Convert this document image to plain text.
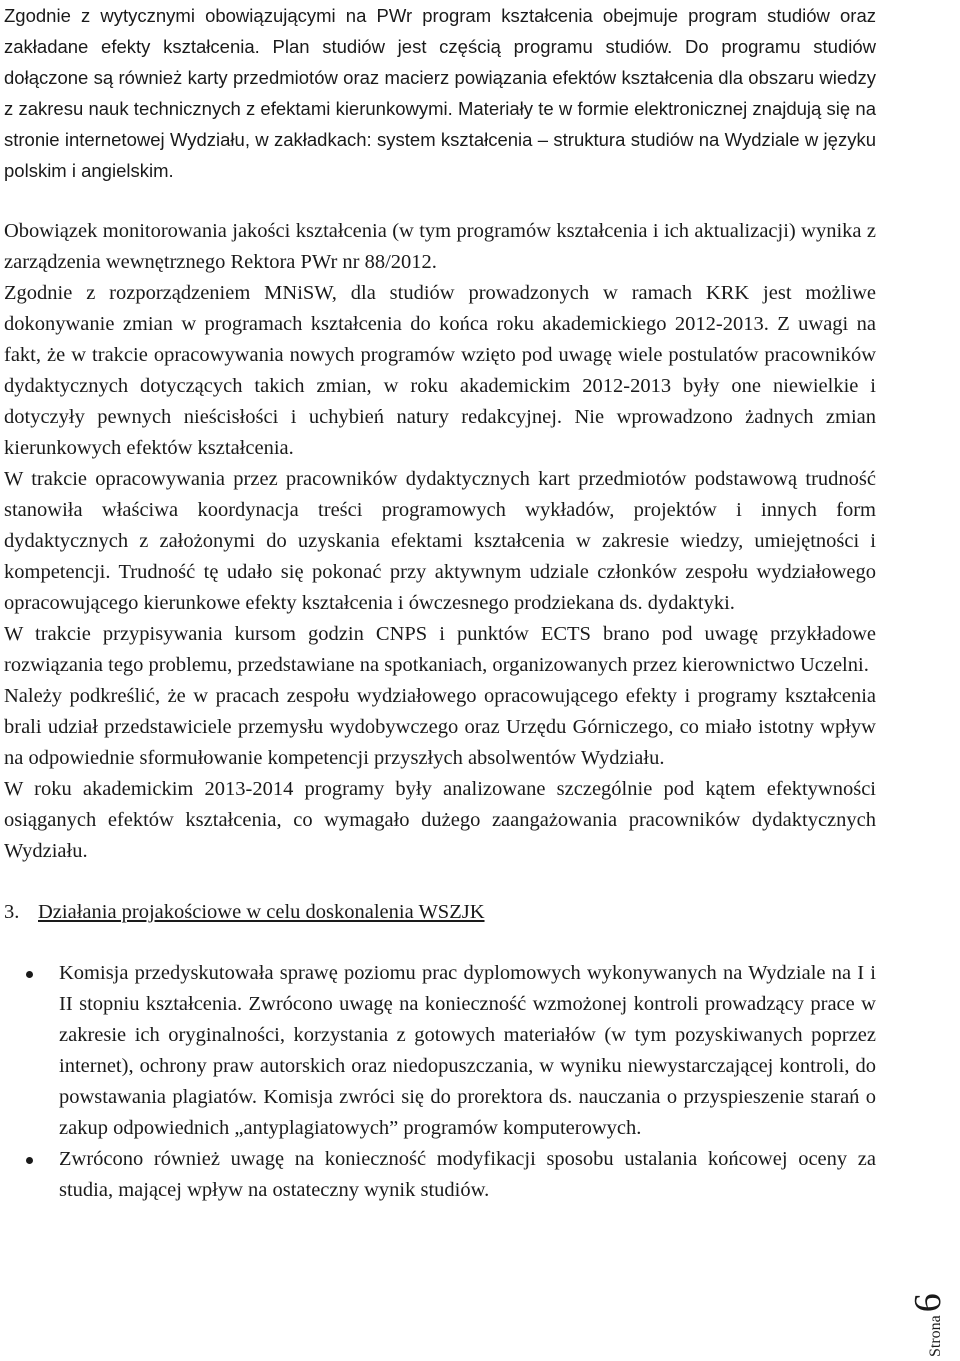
Zgodnie z wytycznymi obowiązującymi na PWr program kształcenia obejmuje program studiów oraz zakładane efekty kształcenia. Plan studiów jest częścią programu studiów. Do programu studiów dołączone są również karty przedmiotów oraz macierz powiązania efektów kształcenia dla obszaru wiedzy z zakresu nauk technicznych z efektami kierunkowymi. Materiały te w formie elektronicznej znajdują się na stronie internetowej Wydziału, w zakładkach: system kształcenia – struktura studiów na Wydziale w języku polskim i angielskim.

Obowiązek monitorowania jakości kształcenia (w tym programów kształcenia i ich aktualizacji) wynika z zarządzenia wewnętrznego Rektora PWr nr 88/2012.

Zgodnie z rozporządzeniem MNiSW, dla studiów prowadzonych w ramach KRK jest możliwe dokonywanie zmian w programach kształcenia do końca roku akademickiego 2012-2013. Z uwagi na fakt, że w trakcie opracowywania nowych programów wzięto pod uwagę wiele postulatów pracowników dydaktycznych dotyczących takich zmian, w roku akademickim 2012-2013 były one niewielkie i dotyczyły pewnych nieścisłości i uchybień natury redakcyjnej. Nie wprowadzono żadnych zmian kierunkowych efektów kształcenia.

W trakcie opracowywania przez pracowników dydaktycznych kart przedmiotów podstawową trudność stanowiła właściwa koordynacja treści programowych wykładów, projektów i innych form dydaktycznych z założonymi do uzyskania efektami kształcenia w zakresie wiedzy, umiejętności i kompetencji. Trudność tę udało się pokonać przy aktywnym udziale członków zespołu wydziałowego opracowującego kierunkowe efekty kształcenia i ówczesnego prodziekana ds. dydaktyki.

W trakcie przypisywania kursom godzin CNPS i punktów ECTS brano pod uwagę przykładowe rozwiązania tego problemu, przedstawiane na spotkaniach, organizowanych przez kierownictwo Uczelni.

Należy podkreślić, że w pracach zespołu wydziałowego opracowującego efekty i programy kształcenia brali udział przedstawiciele przemysłu wydobywczego oraz Urzędu Górniczego, co miało istotny wpływ na odpowiednie sformułowanie kompetencji przyszłych absolwentów Wydziału.

W roku akademickim 2013-2014 programy były analizowane szczególnie pod kątem efektywności osiąganych efektów kształcenia, co wymagało dużego zaangażowania pracowników dydaktycznych Wydziału.

3. Działania projakościowe w celu doskonalenia WSZJK

Komisja przedyskutowała sprawę poziomu prac dyplomowych wykonywanych na Wydziale na I i II stopniu kształcenia. Zwrócono uwagę na konieczność wzmożonej kontroli prowadzący prace w zakresie ich oryginalności, korzystania z gotowych materiałów (w tym pozyskiwanych poprzez internet), ochrony praw autorskich oraz niedopuszczania, w wyniku niewystarczającej kontroli, do powstawania plagiatów. Komisja zwróci się do prorektora ds. nauczania o przyspieszenie starań o zakup odpowiednich „antyplagiatowych” programów komputerowych.

Zwrócono również uwagę na konieczność modyfikacji sposobu ustalania końcowej oceny za studia, mającej wpływ na ostateczny wynik studiów.

Strona6
